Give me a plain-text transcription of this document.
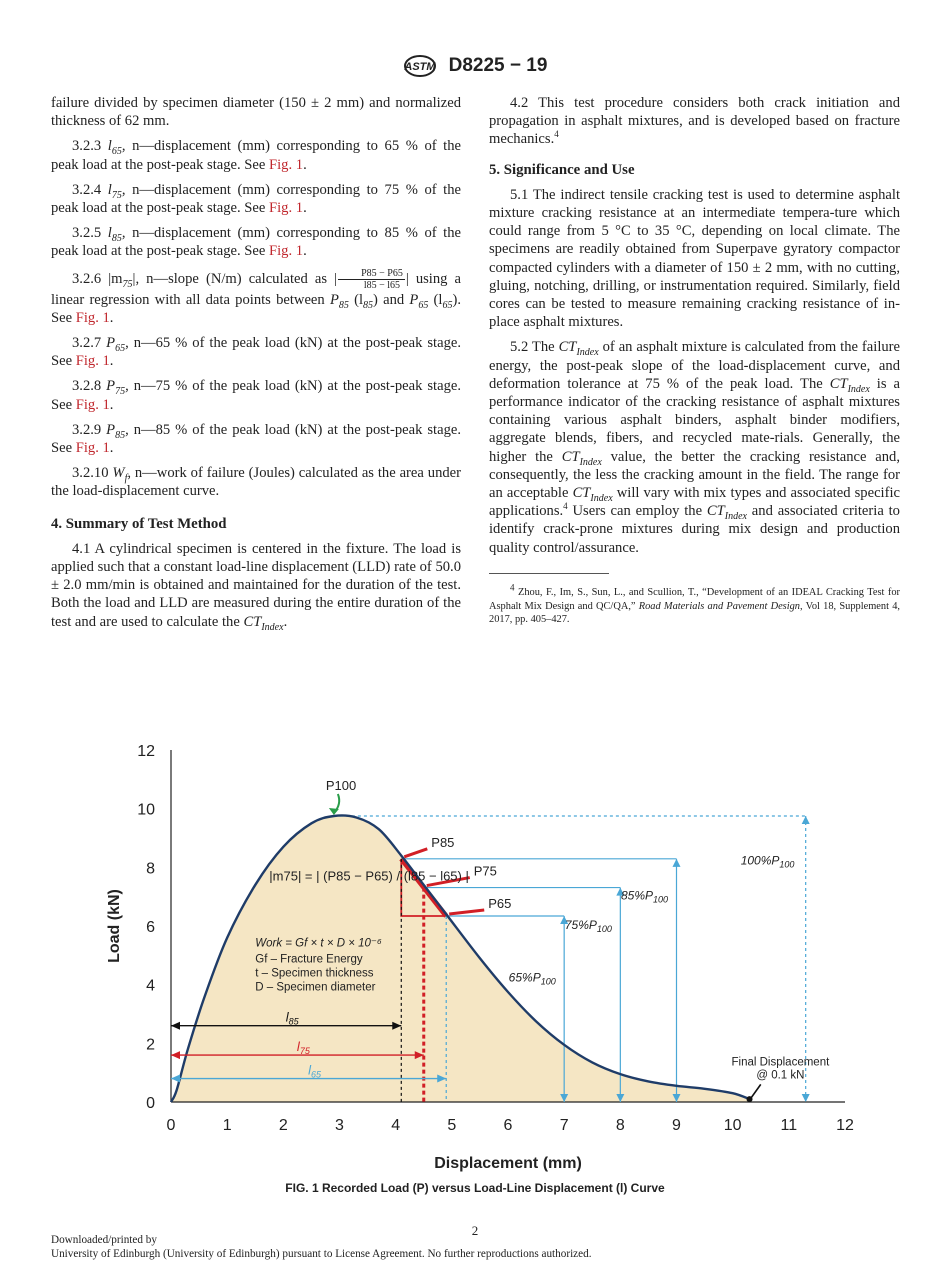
ASTM D8225 − 19

failure divided by specimen diameter (150 ± 2 mm) and normalized thickness of 62 mm.

3.2.3 $l_{65}$, n—displacement (mm) corresponding to 65 % of the peak load at the post-peak stage. See Fig. 1.

3.2.4 $l_{75}$, n—displacement (mm) corresponding to 75 % of the peak load at the post-peak stage. See Fig. 1.

3.2.5 $l_{85}$, n—displacement (mm) corresponding to 85 % of the peak load at the post-peak stage. See Fig. 1.

3.2.6 $|m_{75}|$, n—slope (N/m) calculated as | $\frac{P85 - P65}{l85 - l65}$ | using a linear regression with all data points between $P_{85}$ $(l_{85})$ and $P_{65}$ $(l_{65})$. See Fig. 1.

3.2.7 $P_{65}$, n—65 % of the peak load (kN) at the post-peak stage. See Fig. 1.

3.2.8 $P_{75}$, n—75 % of the peak load (kN) at the post-peak stage. See Fig. 1.

3.2.9 $P_{85}$, n—85 % of the peak load (kN) at the post-peak stage. See Fig. 1.

3.2.10 $W_f$, n—work of failure (Joules) calculated as the area under the load-displacement curve.

4. Summary of Test Method

4.1 A cylindrical specimen is centered in the fixture. The load is applied such that a constant load-line displacement (LLD) rate of 50.0 ± 2.0 mm/min is obtained and maintained for the duration of the test. Both the load and LLD are measured during the entire duration of the test and are used to calculate the $CT_{Index}$.

4.2 This test procedure considers both crack initiation and propagation in asphalt mixtures, and is developed based on fracture mechanics.$^4$

5. Significance and Use

5.1 The indirect tensile cracking test is used to determine asphalt mixture cracking resistance at an intermediate tempera-ture which could range from 5 °C to 35 °C, depending on local climate. The specimens are readily obtained from Superpave gyratory compactor compacted cylinders with a diameter of 150 ± 2 mm, with no cutting, gluing, notching, drilling, or instrumentation required. Similarly, field cores can be tested to measure remaining cracking resistance of in-place asphalt mixtures.

5.2 The $CT_{Index}$ of an asphalt mixture is calculated from the failure energy, the post-peak slope of the load-displacement curve, and deformation tolerance at 75 % of the peak load. The $CT_{Index}$ is a performance indicator of the cracking resistance of asphalt mixtures containing various asphalt binders, asphalt binder modifiers, aggregate blends, fibers, and recycled mate-rials. Generally, the higher the $CT_{Index}$ value, the better the cracking resistance and, consequently, the less the cracking amount in the field. The range for an acceptable $CT_{Index}$ will vary with mix types and associated specific applications.$^4$ Users can employ the $CT_{Index}$ and associated criteria to identify crack-prone mixtures during mix design and production quality control/assurance.

$^4$ Zhou, F., Im, S., Sun, L., and Scullion, T., “Development of an IDEAL Cracking Test for Asphalt Mix Design and QC/QA,” Road Materials and Pavement Design, Vol 18, Supplement 4, 2017, pp. 405–427.

0	1	2	3	4	5	6	7	8	9	10 11 12
0
2
4
6
8
10
12
Displacement (mm)
Load (kN)
$100\%P_{100}$
$85\%P_{100}$
$75\%P_{100}$
$65\%P_{100}$
P100
P85
P75
P65
$l_{85}$
$l_{75}$
$l_{65}$
|m75| = | (P85 − P65) / (l85 − l65) |
Work = Gf × t × D × 10⁻⁶
Gf – Fracture Energy
t – Specimen thickness
D – Specimen diameter
Final Displacement
@ 0.1 kN
FIG. 1 Recorded Load (P) versus Load-Line Displacement (l) Curve
2
Downloaded/printed by
University of Edinburgh (University of Edinburgh) pursuant to License Agreement. No further reproductions authorized.
